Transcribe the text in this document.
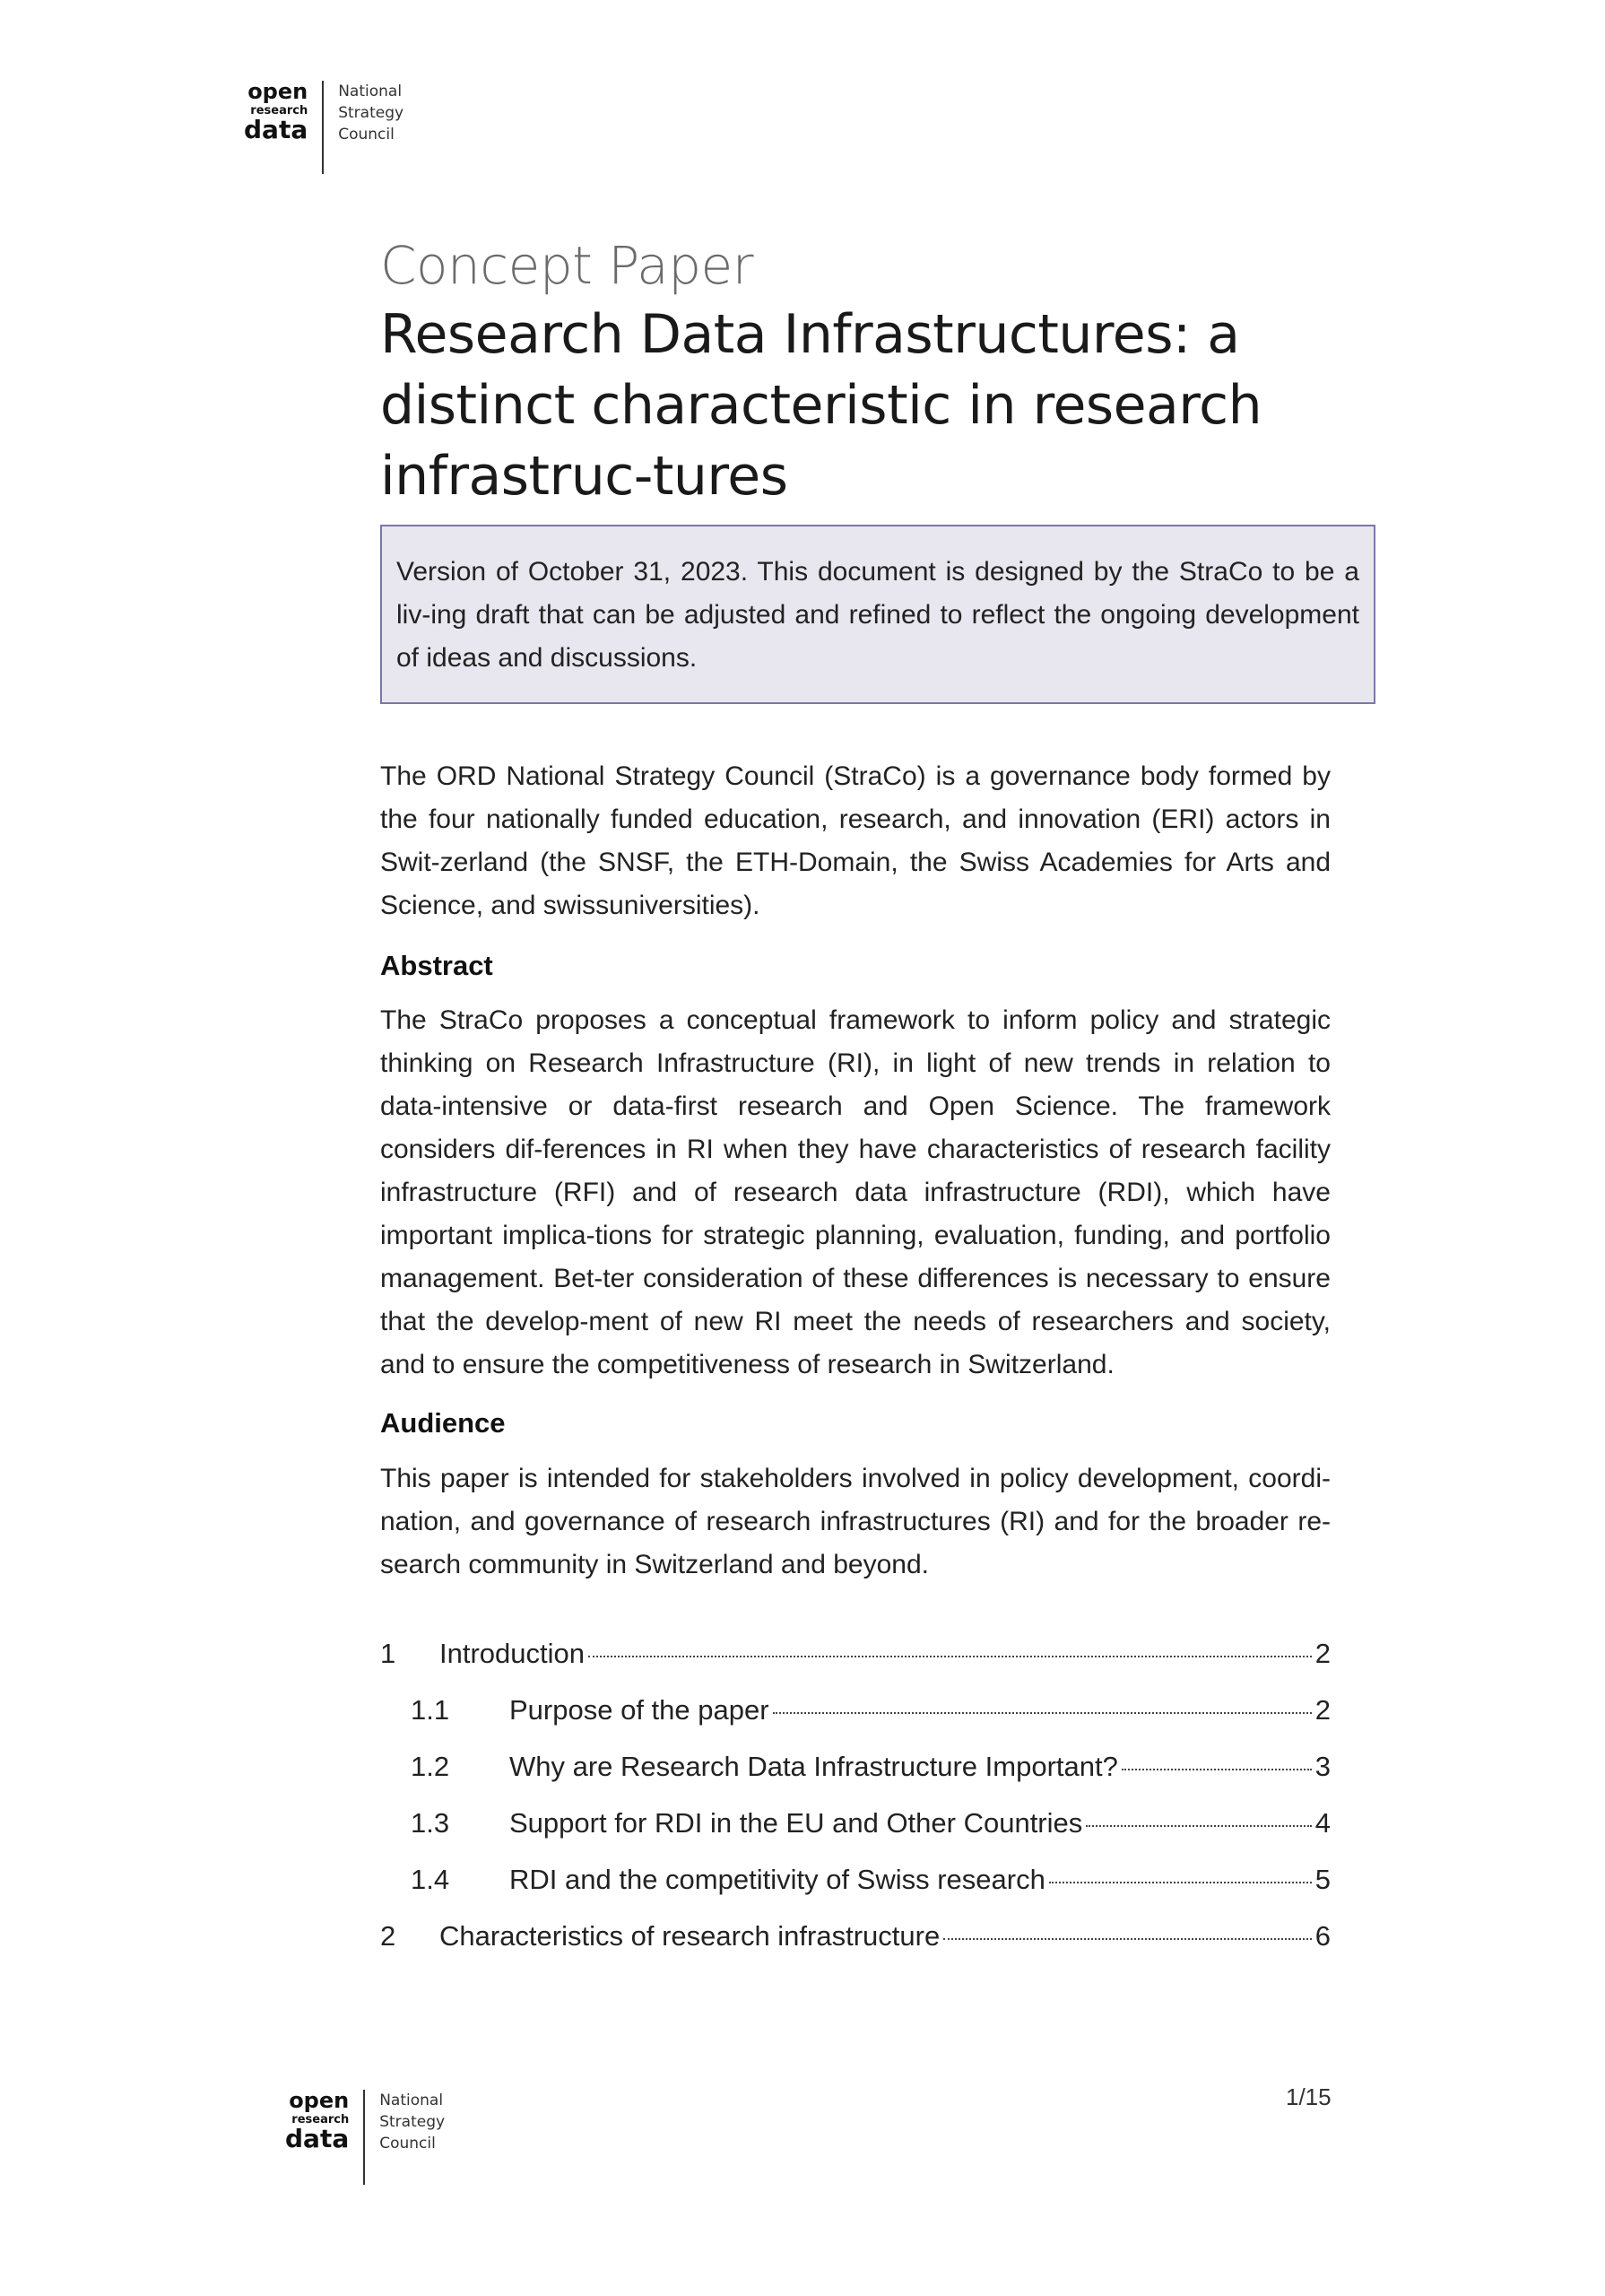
open
research
data
National
Strategy
Council
Concept Paper
Research Data Infrastructures: a distinct characteristic in research infrastruc-tures

Version of October 31, 2023. This document is designed by the StraCo to be a liv-ing draft that can be adjusted and refined to reflect the ongoing development of ideas and discussions.

The ORD National Strategy Council (StraCo) is a governance body formed by the four nationally funded education, research, and innovation (ERI) actors in Swit-zerland (the SNSF, the ETH-Domain, the Swiss Academies for Arts and Science, and swissuniversities).

Abstract

The StraCo proposes a conceptual framework to inform policy and strategic thinking on Research Infrastructure (RI), in light of new trends in relation to data-intensive or data-first research and Open Science. The framework considers dif-ferences in RI when they have characteristics of research facility infrastructure (RFI) and of research data infrastructure (RDI), which have important implica-tions for strategic planning, evaluation, funding, and portfolio management. Bet-ter consideration of these differences is necessary to ensure that the develop-ment of new RI meet the needs of researchers and society, and to ensure the competitiveness of research in Switzerland.

Audience

This paper is intended for stakeholders involved in policy development, coordi-nation, and governance of research infrastructures (RI) and for the broader re-search community in Switzerland and beyond.

1	Introduction	2
1.1	Purpose of the paper	2
1.2	Why are Research Data Infrastructure Important?	3
1.3	Support for RDI in the EU and Other Countries	4
1.4	RDI and the competitivity of Swiss research	5
2	Characteristics of research infrastructure	6
1/15
open
research
data
National
Strategy
Council
